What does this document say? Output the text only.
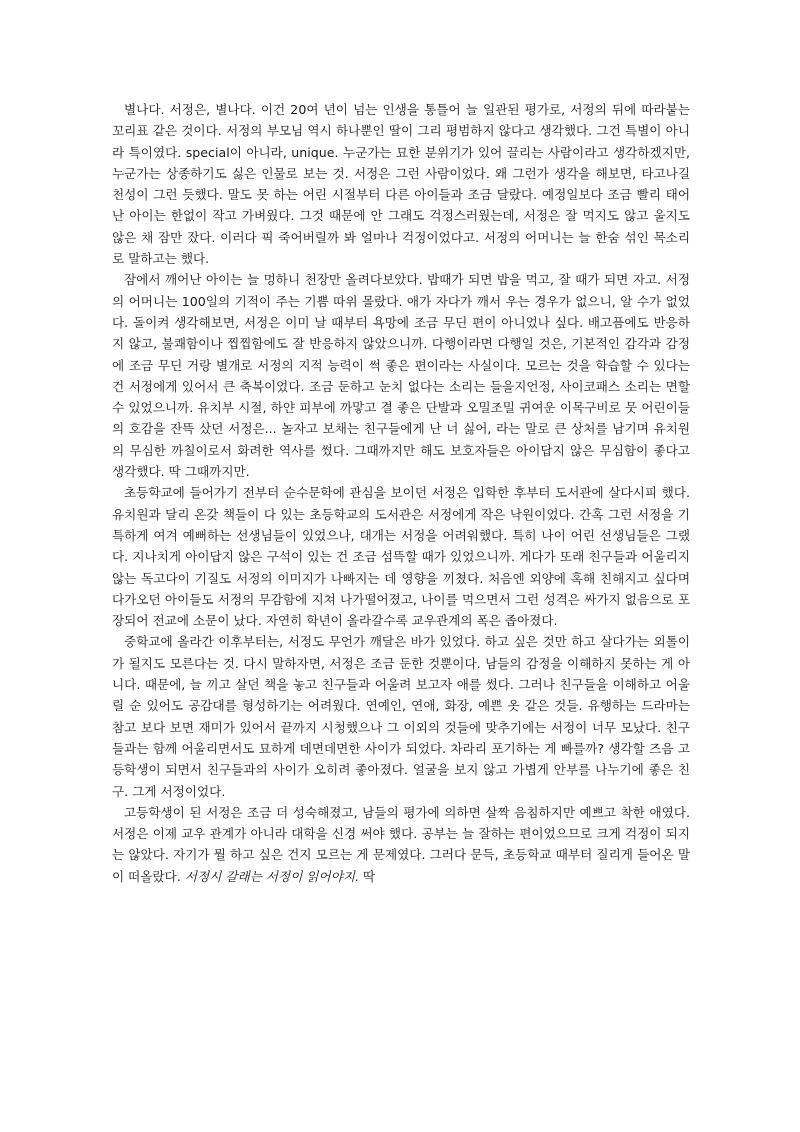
별나다. 서정은, 별나다. 이건 20여 년이 넘는 인생을 통틀어 늘 일관된 평가로, 서정의 뒤에 따라붙는 꼬리표 같은 것이다. 서정의 부모님 역시 하나뿐인 딸이 그리 평범하지 않다고 생각했다. 그건 특별이 아니라 특이였다. special이 아니라, unique. 누군가는 묘한 분위기가 있어 끌리는 사람이라고 생각하겠지만, 누군가는 상종하기도 싫은 인물로 보는 것. 서정은 그런 사람이었다. 왜 그런가 생각을 해보면, 타고나길 천성이 그런 듯했다. 말도 못 하는 어린 시절부터 다른 아이들과 조금 달랐다. 예정일보다 조금 빨리 태어난 아이는 한없이 작고 가벼웠다. 그것 때문에 안 그래도 걱정스러웠는데, 서정은 잘 먹지도 않고 울지도 않은 채 잠만 잤다. 이러다 픽 죽어버릴까 봐 얼마나 걱정이었다고. 서정의 어머니는 늘 한숨 섞인 목소리로 말하고는 했다.

잠에서 깨어난 아이는 늘 멍하니 천장만 올려다보았다. 밥때가 되면 밥을 먹고, 잘 때가 되면 자고. 서정의 어머니는 100일의 기적이 주는 기쁨 따위 몰랐다. 애가 자다가 깨서 우는 경우가 없으니, 알 수가 없었다. 돌이켜 생각해보면, 서정은 이미 날 때부터 욕망에 조금 무딘 편이 아니었나 싶다. 배고픔에도 반응하지 않고, 불쾌함이나 찝찝함에도 잘 반응하지 않았으니까. 다행이라면 다행일 것은, 기본적인 감각과 감정에 조금 무딘 거랑 별개로 서정의 지적 능력이 썩 좋은 편이라는 사실이다. 모르는 것을 학습할 수 있다는 건 서정에게 있어서 큰 축복이었다. 조금 둔하고 눈치 없다는 소리는 들을지언정, 사이코패스 소리는 면할 수 있었으니까. 유치부 시절, 하얀 피부에 까맣고 결 좋은 단발과 오밀조밀 귀여운 이목구비로 뭇 어린이들의 호감을 잔뜩 샀던 서정은... 놀자고 보채는 친구들에게 난 너 싫어, 라는 말로 큰 상처를 남기며 유치원의 무심한 까칠이로서 화려한 역사를 썼다. 그때까지만 해도 보호자들은 아이답지 않은 무심함이 좋다고 생각했다. 딱 그때까지만.

초등학교에 들어가기 전부터 순수문학에 관심을 보이던 서정은 입학한 후부터 도서관에 살다시피 했다. 유치원과 달리 온갖 책들이 다 있는 초등학교의 도서관은 서정에게 작은 낙원이었다. 간혹 그런 서정을 기특하게 여겨 예뻐하는 선생님들이 있었으나, 대개는 서정을 어려워했다. 특히 나이 어린 선생님들은 그랬다. 지나치게 아이답지 않은 구석이 있는 건 조금 섬뜩할 때가 있었으니까. 게다가 또래 친구들과 어울리지 않는 독고다이 기질도 서정의 이미지가 나빠지는 데 영향을 끼쳤다. 처음엔 외양에 혹해 친해지고 싶다며 다가오던 아이들도 서정의 무감함에 지쳐 나가떨어졌고, 나이를 먹으면서 그런 성격은 싸가지 없음으로 포장되어 전교에 소문이 났다. 자연히 학년이 올라갈수록 교우관계의 폭은 좁아졌다.

중학교에 올라간 이후부터는, 서정도 무언가 깨달은 바가 있었다. 하고 싶은 것만 하고 살다가는 외톨이가 될지도 모른다는 것. 다시 말하자면, 서정은 조금 둔한 것뿐이다. 남들의 감정을 이해하지 못하는 게 아니다. 때문에, 늘 끼고 살던 책을 놓고 친구들과 어울려 보고자 애를 썼다. 그러나 친구들을 이해하고 어울릴 순 있어도 공감대를 형성하기는 어려웠다. 연예인, 연애, 화장, 예쁜 옷 같은 것들. 유행하는 드라마는 참고 보다 보면 재미가 있어서 끝까지 시청했으나 그 이외의 것들에 맞추기에는 서정이 너무 모났다. 친구들과는 함께 어울리면서도 묘하게 데면데면한 사이가 되었다. 차라리 포기하는 게 빠를까? 생각할 즈음 고등학생이 되면서 친구들과의 사이가 오히려 좋아졌다. 얼굴을 보지 않고 가볍게 안부를 나누기에 좋은 친구. 그게 서정이었다.

고등학생이 된 서정은 조금 더 성숙해졌고, 남들의 평가에 의하면 살짝 음침하지만 예쁘고 착한 애였다. 서정은 이제 교우 관계가 아니라 대학을 신경 써야 했다. 공부는 늘 잘하는 편이었으므로 크게 걱정이 되지는 않았다. 자기가 뭘 하고 싶은 건지 모르는 게 문제였다. 그러다 문득, 초등학교 때부터 질리게 들어온 말이 떠올랐다. 서정시 갈래는 서정이 읽어야지. 딱
